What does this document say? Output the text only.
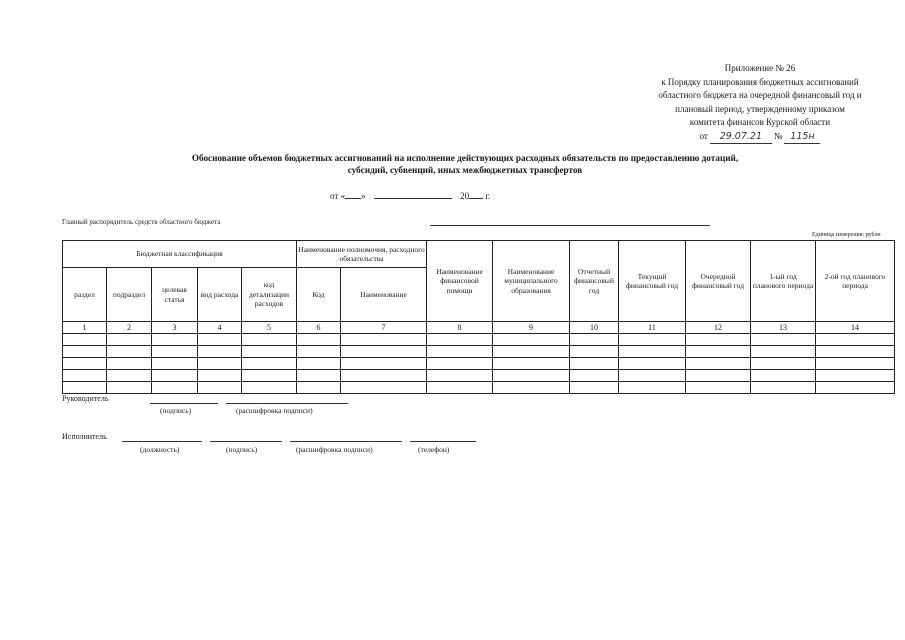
Приложение № 26
к Порядку планирования бюджетных ассигнований
областного бюджета на очередной финансовый год и
плановый период, утвержденному приказом
комитета финансов Курской области
от	29.07.21	№ 115н
Обоснование объемов бюджетных ассигнований на исполнение действующих расходных обязательств по предоставлению дотаций,
субсидий, субвенций, иных межбюджетных трансфертов
от « »	20 г.
Главный распорядитель средств областного бюджета
Единица измерения: рубли
Бюджетная классификация					Наименование полномочия, расходного обязательства		Наименование финансовой помощи	Наименование муниципального образования	Отчетный финансовый год	Текущий финансовый год	Очередной финансовый год	1-ый год планового периода	2-ой год планового периода
раздел	подраздел	целевая статья	вид расхода	код детализации расходов	Код	Наименование							
1	2	3	4	5	6	7	8	9	10	11	12	13	14

Руководитель
(подпись)	(расшифровка подписи)
Исполнитель
(должность)	(подпись)	(расшифровка подписи)	(телефон)
